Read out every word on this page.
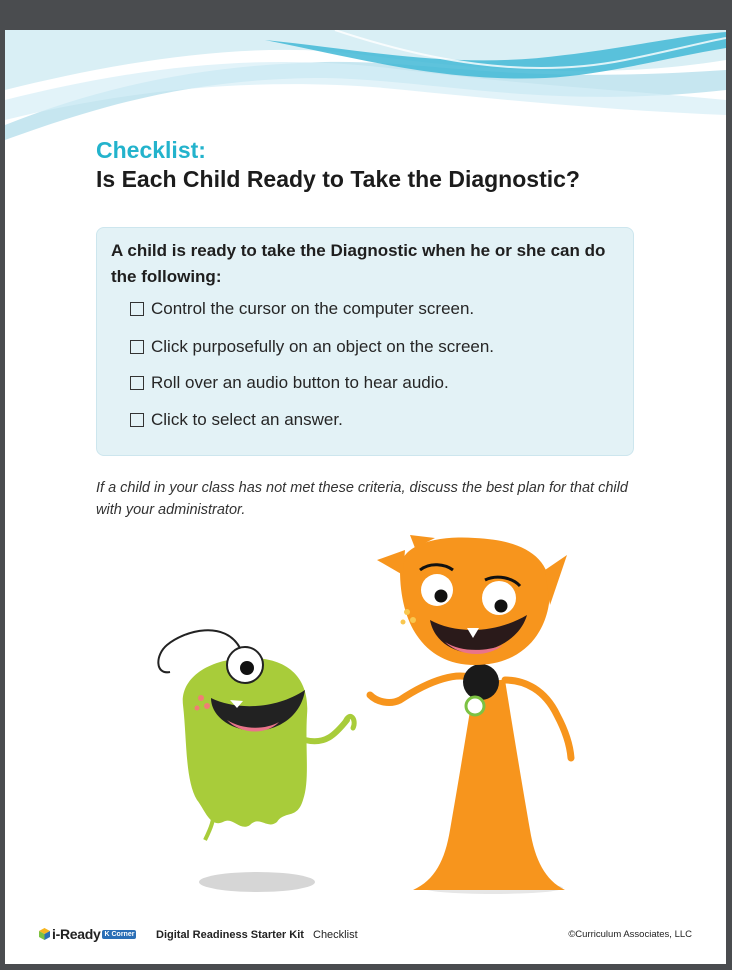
Checklist:
Is Each Child Ready to Take the Diagnostic?
A child is ready to take the Diagnostic when he or she can do the following:
Control the cursor on the computer screen.
Click purposefully on an object on the screen.
Roll over an audio button to hear audio.
Click to select an answer.
If a child in your class has not met these criteria, discuss the best plan for that child with your administrator.
i-Ready K Corner Digital Readiness Starter Kit Checklist	©Curriculum Associates, LLC
